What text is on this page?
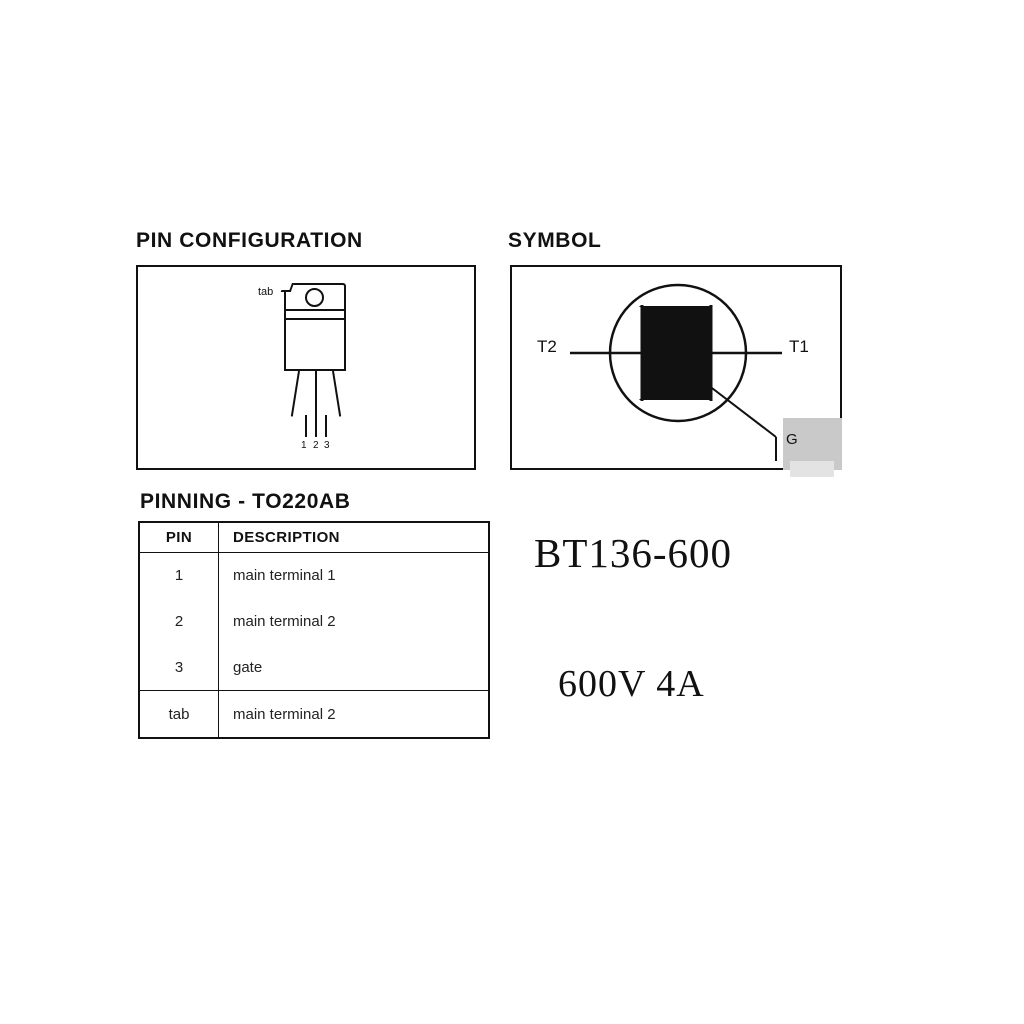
PIN CONFIGURATION
tab
1 2 3
SYMBOL
T2	T1
G
PINNING - TO220AB
PIN	DESCRIPTION
1	main terminal 1
2	main terminal 2
3	gate
tab	main terminal 2
BT136-600
600V 4A
